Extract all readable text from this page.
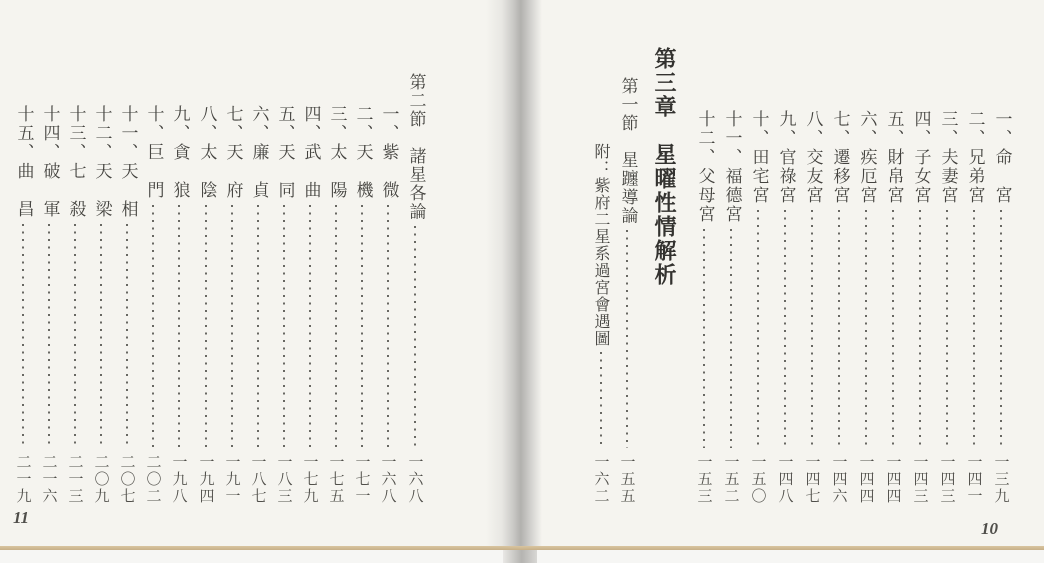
第三章　星曜性情解析
第一節　星躔導論
一五五
附：紫府二星系過宮會遇圖
一六二
一、命　宮
一三九
二、兄弟宮
一四一
三、夫妻宮
一四三
四、子女宮
一四三
五、財帛宮
一四四
六、疾厄宮
一四四
七、遷移宮
一四六
八、交友宮
一四七
九、官祿宮
一四八
十、田宅宮
一五〇
十一、福德宮
一五二
十二、父母宮
一五三
第二節　諸星各論
一六八
一、紫　微
一六八
二、天　機
一七一
三、太　陽
一七五
四、武　曲
一七九
五、天　同
一八三
六、廉　貞
一八七
七、天　府
一九一
八、太　陰
一九四
九、貪　狼
一九八
十、巨　門
二〇二
十一、天　相
二〇七
十二、天　梁
二〇九
十三、七　殺
二一三
十四、破　軍
二一六
十五、曲　昌
二一九
10
11
